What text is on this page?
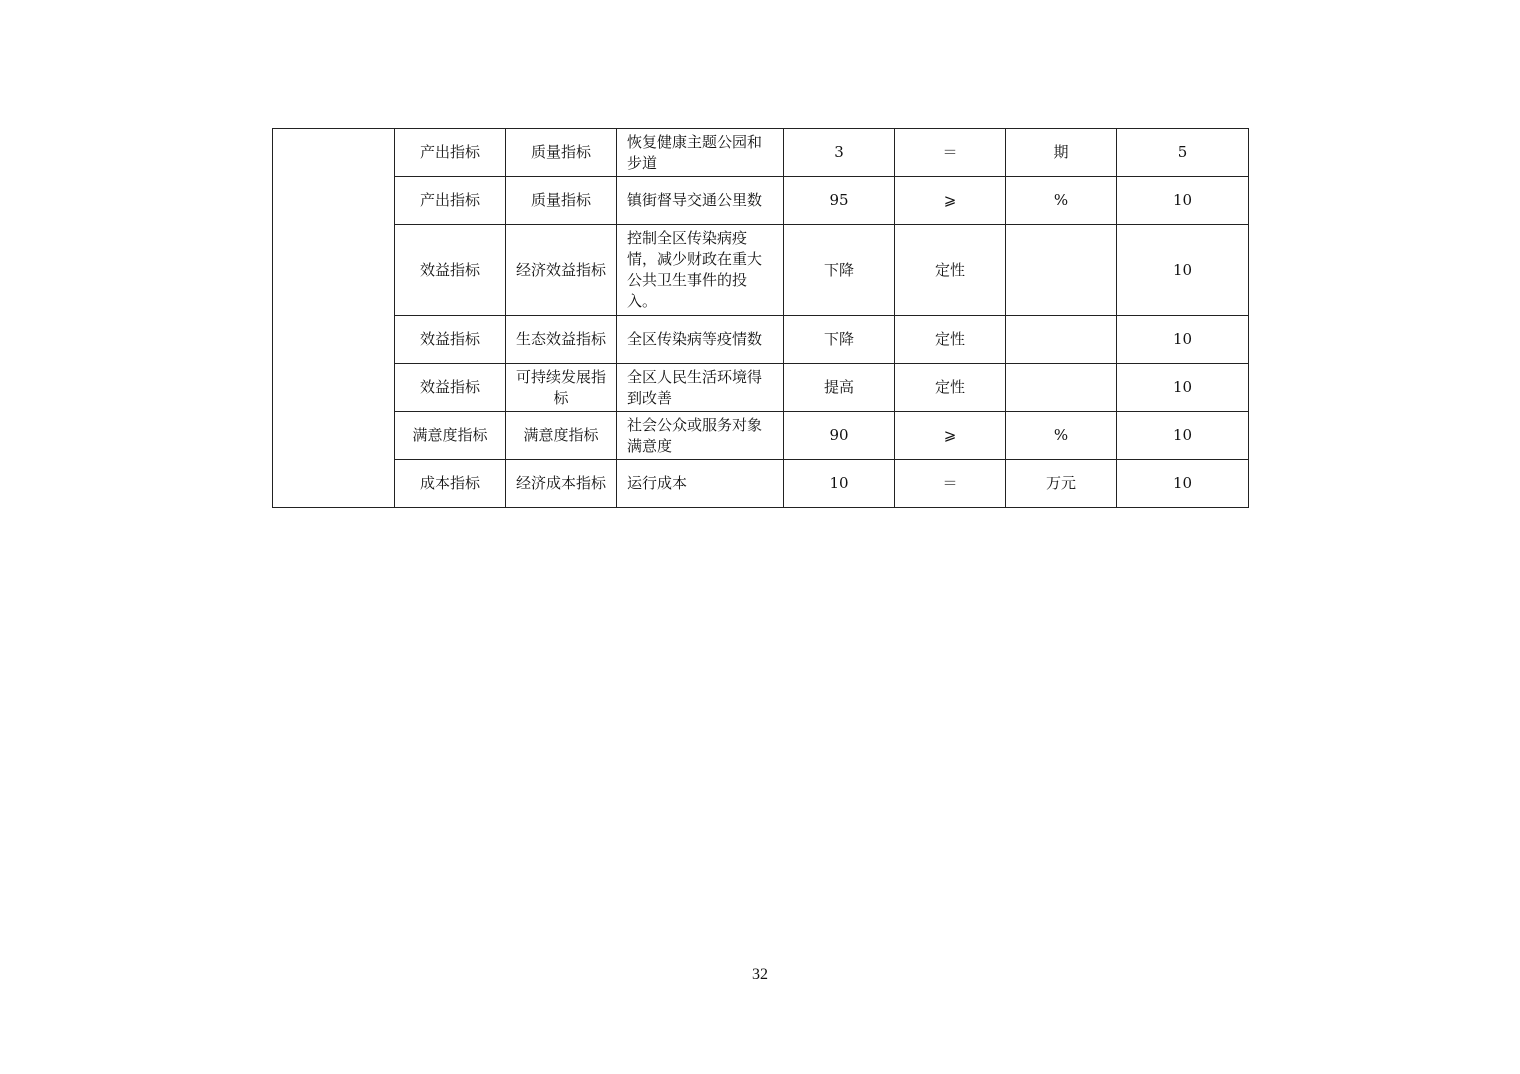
	产出指标	质量指标	恢复健康主题公园和步道	3	＝	期	5
	产出指标	质量指标	镇街督导交通公里数	95	⩾	%	10
	效益指标	经济效益指标	控制全区传染病疫情，减少财政在重大公共卫生事件的投入。	下降	定性		10
	效益指标	生态效益指标	全区传染病等疫情数	下降	定性		10
	效益指标	可持续发展指标	全区人民生活环境得到改善	提高	定性		10
	满意度指标	满意度指标	社会公众或服务对象满意度	90	⩾	%	10
	成本指标	经济成本指标	运行成本	10	＝	万元	10
32
